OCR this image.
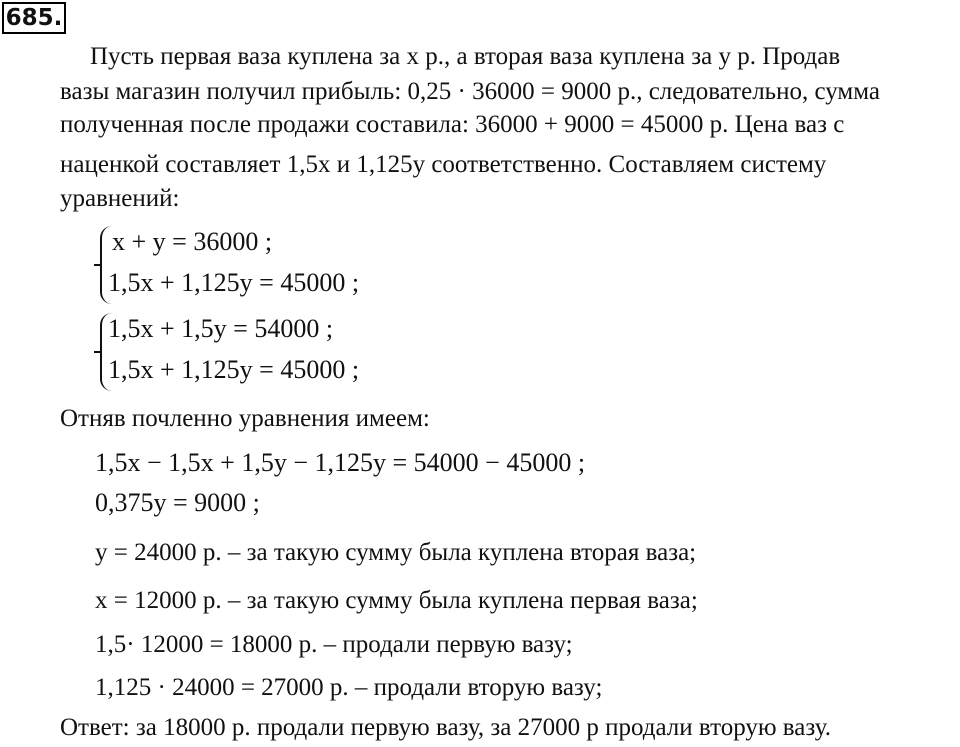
685.
Пусть первая ваза куплена за x р., а вторая ваза куплена за y р. Продав
вазы магазин получил прибыль: 0,25 · 36000 = 9000 р., следовательно, сумма
полученная после продажи составила: 36000 + 9000 = 45000 р. Цена ваз с
наценкой составляет 1,5x и 1,125y соответственно. Составляем систему
уравнений:
x + y = 36000 ;
1,5x + 1,125y = 45000 ;
1,5x + 1,5y = 54000 ;
1,5x + 1,125y = 45000 ;
Отняв почленно уравнения имеем:
1,5x − 1,5x + 1,5y − 1,125y = 54000 − 45000 ;
0,375y = 9000 ;
y = 24000 р. – за такую сумму была куплена вторая ваза;
x = 12000 р. – за такую сумму была куплена первая ваза;
1,5· 12000 = 18000 р. – продали первую вазу;
1,125 · 24000 = 27000 р. – продали вторую вазу;
Ответ: за 18000 р. продали первую вазу, за 27000 р продали вторую вазу.
